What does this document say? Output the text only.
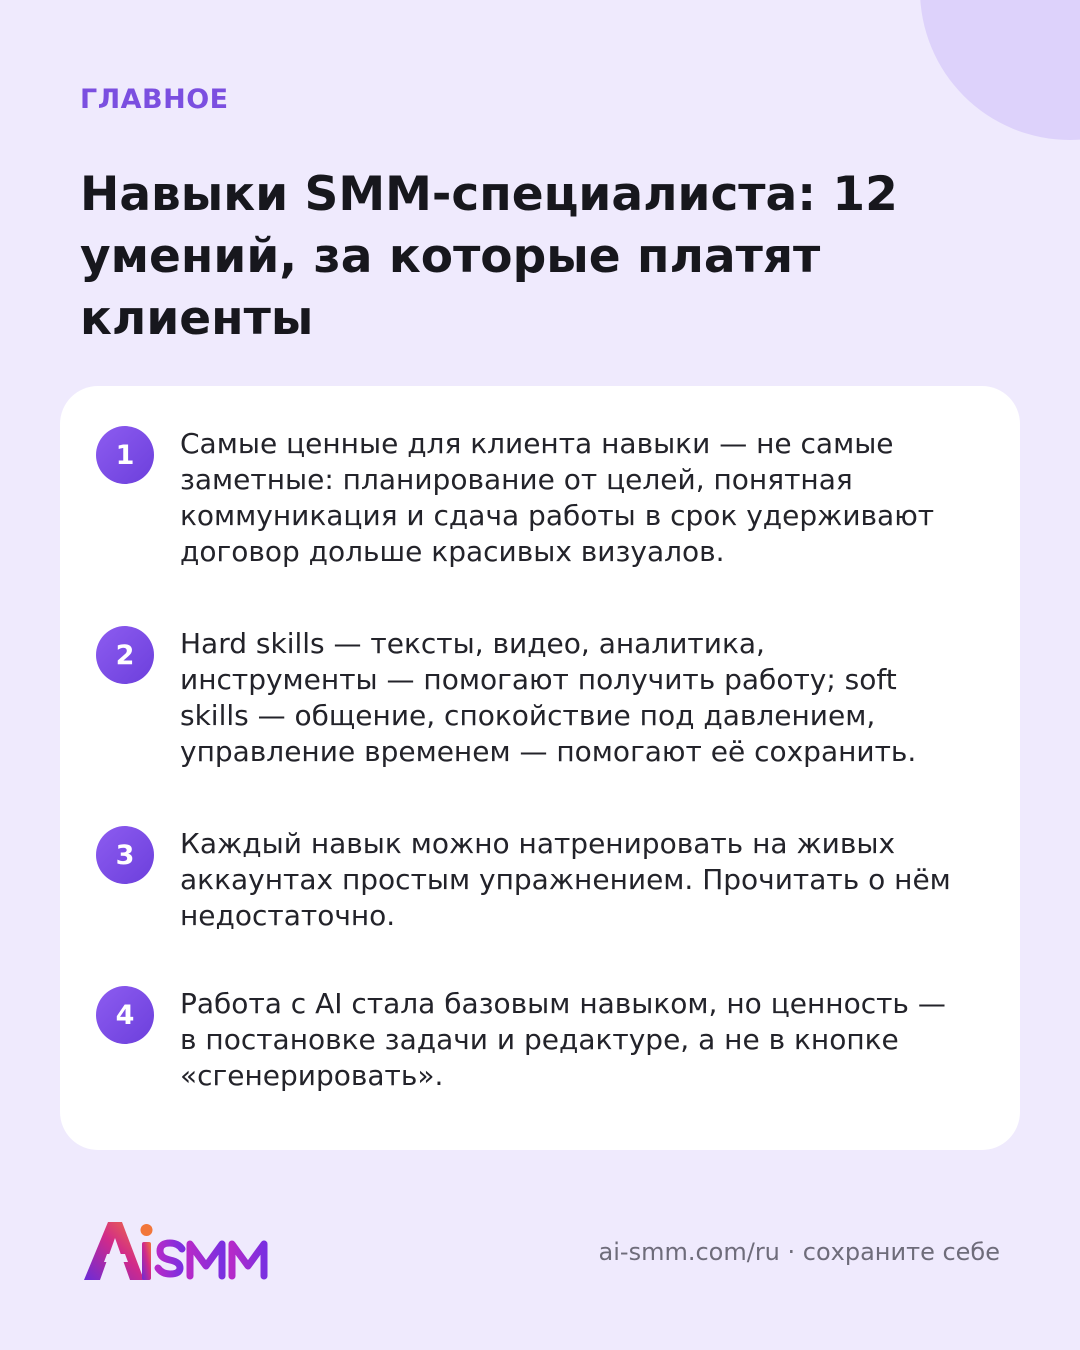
ГЛАВНОЕ
Навыки SMM-специалиста: 12 умений, за которые платят клиенты
1	Самые ценные для клиента навыки — не самые заметные: планирование от целей, понятная коммуникация и сдача работы в срок удерживают договор дольше красивых визуалов.

2	Hard skills — тексты, видео, аналитика, инструменты — помогают получить работу; soft skills — общение, спокойствие под давлением, управление временем — помогают её сохранить.

3	Каждый навык можно натренировать на живых аккаунтах простым упражнением. Прочитать о нём недостаточно.

4	Работа с AI стала базовым навыком, но ценность — в постановке задачи и редактуре, а не в кнопке «сгенерировать».

ai-smm.com/ru · сохраните себе
